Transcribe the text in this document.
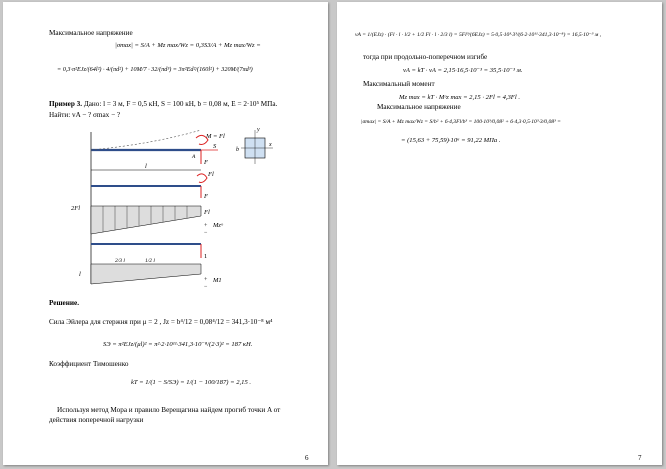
Максимальное напряжение
|σmax| = S/A + Mz max/Wz = 0,3S3/A + Mz max/Wz =
= 0,3·π²EJz/(64l²) · 4/(πd²) + 10M/7 · 32/(πd³) = 3π²Ed²/(160l²) + 320M/(7πd³)
Пример 3. Дано: l = 3 м, F = 0,5 кН, S = 100 кН, b = 0,08 м, E = 2·10⁵ МПа.
Найти: vA − ? σmax − ?
M = Fl
S
A
F
l
Fl
F
2Fl
Fl
+ Mzᵒ
−
1
l
2/3 l	1/2 l
+ M1
−
b
y
x
Решение.
Сила Эйлера для стержня при μ = 2 , Jz = b⁴/12 = 0,08⁴/12 = 341,3·10⁻⁸ м⁴
SЭ = π²EJz/(μl)² = π²·2·10¹¹·341,3·10⁻⁸/(2·3)² = 187 кН.
Коэффициент Тимошенко
kT = 1/(1 − S/SЭ) = 1/(1 − 100/187) = 2,15 .
Используя метод Мора и правило Верещагина найдем прогиб точки A от
действия поперечной нагрузки
6
vA = 1/(EJz) · (Fl · l · l/2 + 1/2 Fl · l · 2/3 l) = 5Fl³/(6EJz) = 5·0,5·10³·3³/(6·2·10¹¹·341,3·10⁻⁸) = 16,5·10⁻³ м ,
тогда при продольно-поперечном изгибе
vA = kT · vA = 2,15·16,5·10⁻³ = 35,5·10⁻³ м.
Максимальный момент
Mz max = kT · Mᵒz max = 2,15 · 2Fl = 4,3Fl .
Максимальное напряжение
|σmax| = S/A + Mz max/Wz = S/b² + 6·4,3Fl/b³ = 100·10³/0,08² + 6·4,3·0,5·10³·3/0,08³ =
= (15,63 + 75,59)·10⁶ = 91,22 МПа .
7
